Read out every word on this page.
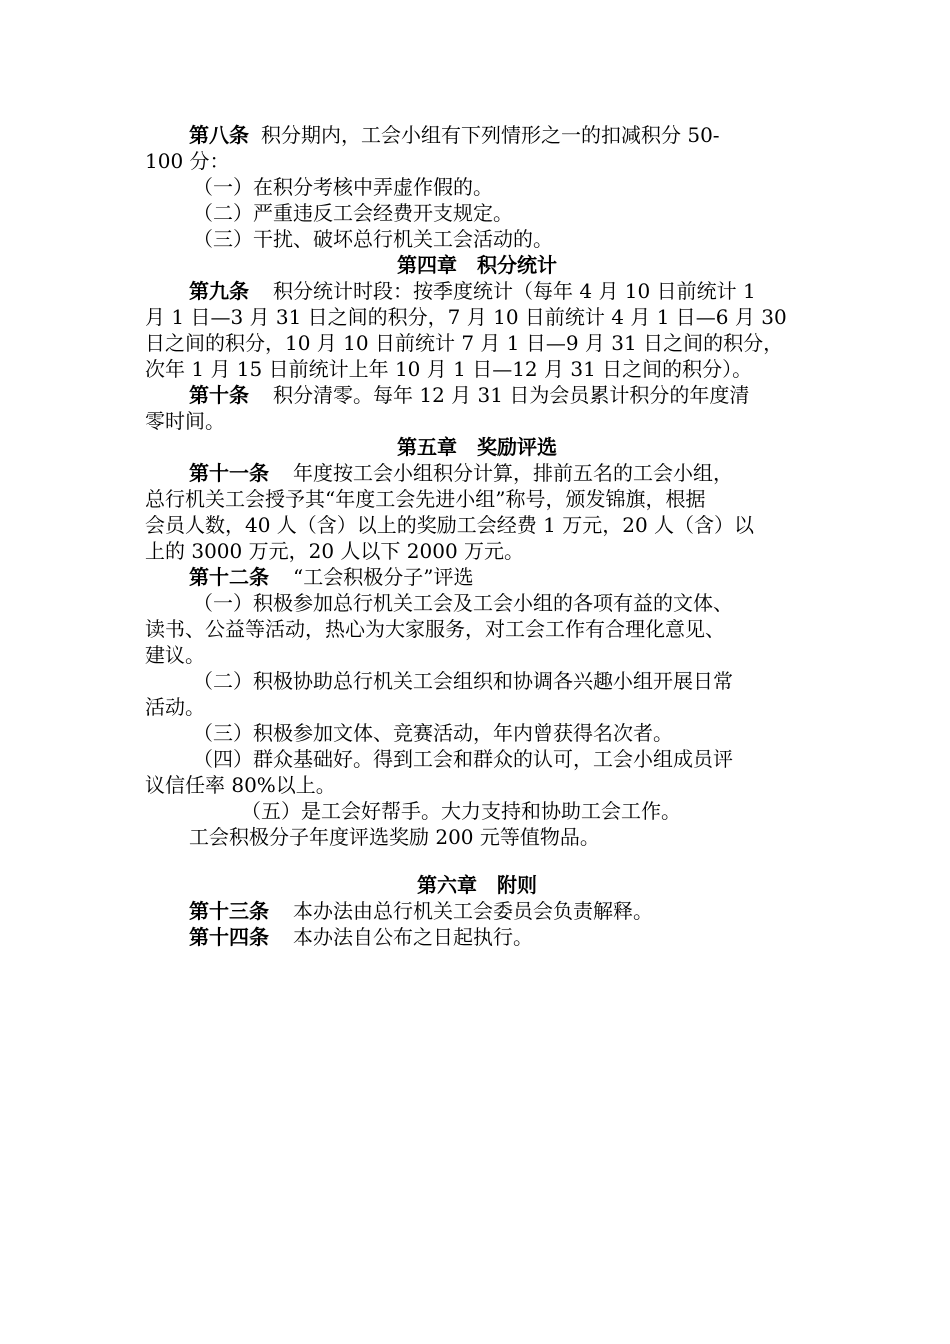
第八条 积分期内，工会小组有下列情形之一的扣减积分 50-
100 分：
（一）在积分考核中弄虚作假的。
（二）严重违反工会经费开支规定。
（三）干扰、破坏总行机关工会活动的。
第四章　积分统计
第九条 积分统计时段：按季度统计（每年 4 月 10 日前统计 1
月 1 日—3 月 31 日之间的积分，7 月 10 日前统计 4 月 1 日—6 月 30
日之间的积分，10 月 10 日前统计 7 月 1 日—9 月 31 日之间的积分，
次年 1 月 15 日前统计上年 10 月 1 日—12 月 31 日之间的积分）。
第十条 积分清零。每年 12 月 31 日为会员累计积分的年度清
零时间。
第五章　奖励评选
第十一条 年度按工会小组积分计算，排前五名的工会小组，
总行机关工会授予其“年度工会先进小组”称号，颁发锦旗，根据
会员人数，40 人（含）以上的奖励工会经费 1 万元，20 人（含）以
上的 3000 万元，20 人以下 2000 万元。
第十二条 “工会积极分子”评选
（一）积极参加总行机关工会及工会小组的各项有益的文体、
读书、公益等活动，热心为大家服务，对工会工作有合理化意见、
建议。
（二）积极协助总行机关工会组织和协调各兴趣小组开展日常
活动。
（三）积极参加文体、竞赛活动，年内曾获得名次者。
（四）群众基础好。得到工会和群众的认可，工会小组成员评
议信任率 80%以上。
（五）是工会好帮手。大力支持和协助工会工作。
工会积极分子年度评选奖励 200 元等值物品。
第六章　附则
第十三条 本办法由总行机关工会委员会负责解释。
第十四条 本办法自公布之日起执行。
